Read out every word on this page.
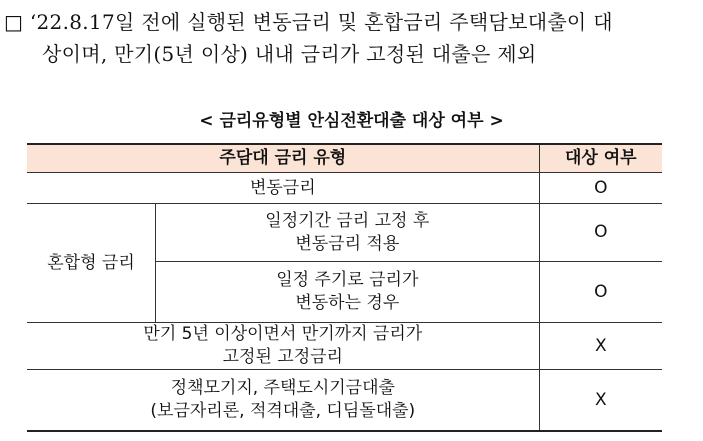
□ ‘22.8.17일 전에 실행된 변동금리 및 혼합금리 주택담보대출이 대
상이며, 만기(5년 이상) 내내 금리가 고정된 대출은 제외
< 금리유형별 안심전환대출 대상 여부 >
주담대 금리 유형		대상 여부
변동금리		O
혼합형 금리	일정기간 금리 고정 후
변동금리 적용	O

	일정 주기로 금리가
변동하는 경우	O

만기 5년 이상이면서 만기까지 금리가
고정된 고정금리		X

정책모기지, 주택도시기금대출
(보금자리론, 적격대출, 디딤돌대출)		X
